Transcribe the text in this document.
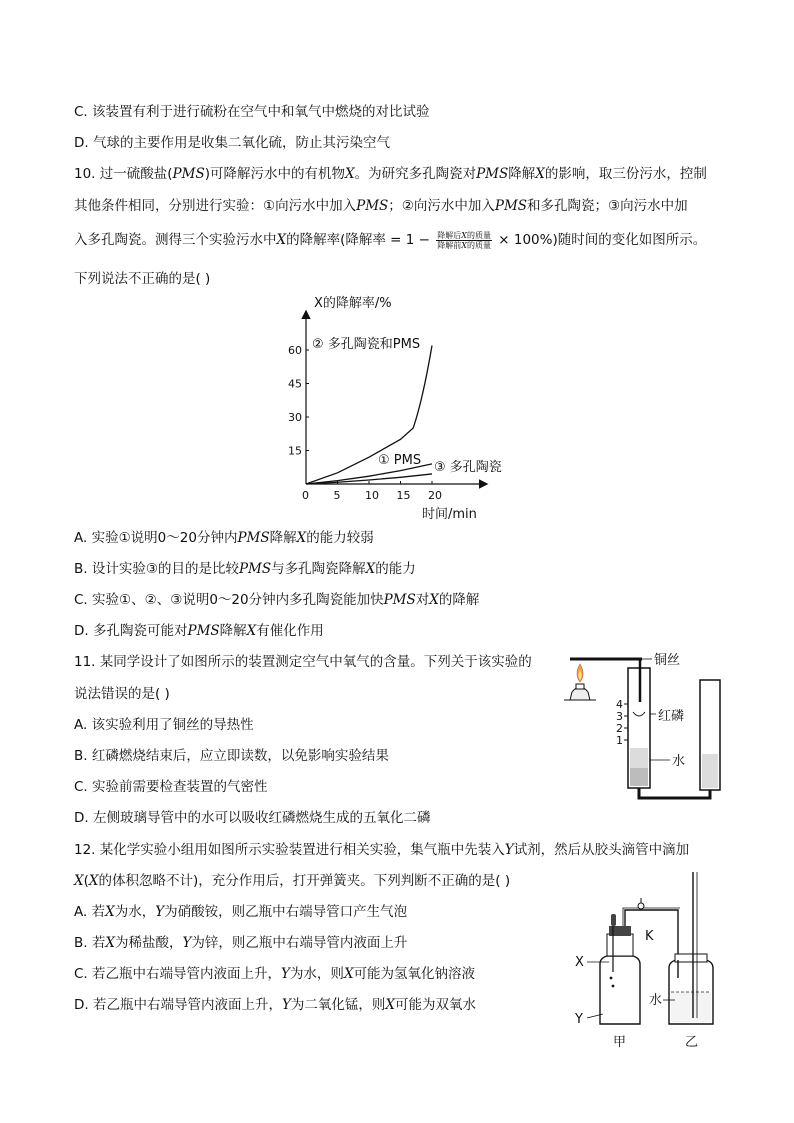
C. 该装置有利于进行硫粉在空气中和氧气中燃烧的对比试验
D. 气球的主要作用是收集二氧化硫，防止其污染空气
10. 过一硫酸盐(PMS)可降解污水中的有机物X。为研究多孔陶瓷对PMS降解X的影响，取三份污水，控制
其他条件相同，分别进行实验：①向污水中加入PMS；②向污水中加入PMS和多孔陶瓷；③向污水中加
入多孔陶瓷。测得三个实验污水中X的降解率(降解率 = $1 - \frac{\text{降解后X的质量}}{\text{降解前X的质量}} \times 100\%$)随时间的变化如图所示。
下列说法不正确的是( )
X的降解率/%
时间/min
0 5 10 15 20
15
30
45
60 ② 多孔陶瓷和PMS
① PMS ③ 多孔陶瓷
A. 实验①说明0～20分钟内PMS降解X的能力较弱
B. 设计实验③的目的是比较PMS与多孔陶瓷降解X的能力
C. 实验①、②、③说明0～20分钟内多孔陶瓷能加快PMS对X的降解
D. 多孔陶瓷可能对PMS降解X有催化作用
11. 某同学设计了如图所示的装置测定空气中氧气的含量。下列关于该实验的
说法错误的是( )
A. 该实验利用了铜丝的导热性
B. 红磷燃烧结束后，应立即读数，以免影响实验结果
C. 实验前需要检查装置的气密性
D. 左侧玻璃导管中的水可以吸收红磷燃烧生成的五氧化二磷
铜丝
红磷
4
3
2
1
水
12. 某化学实验小组用如图所示实验装置进行相关实验，集气瓶中先装入Y试剂，然后从胶头滴管中滴加
X(X的体积忽略不计)，充分作用后，打开弹簧夹。下列判断不正确的是( )
A. 若X为水，Y为硝酸铵，则乙瓶中右端导管口产生气泡
B. 若X为稀盐酸，Y为锌，则乙瓶中右端导管内液面上升
C. 若乙瓶中右端导管内液面上升，Y为水，则X可能为氢氧化钠溶液
D. 若乙瓶中右端导管内液面上升，Y为二氧化锰，则X可能为双氧水
K
X
Y
甲
水
乙
